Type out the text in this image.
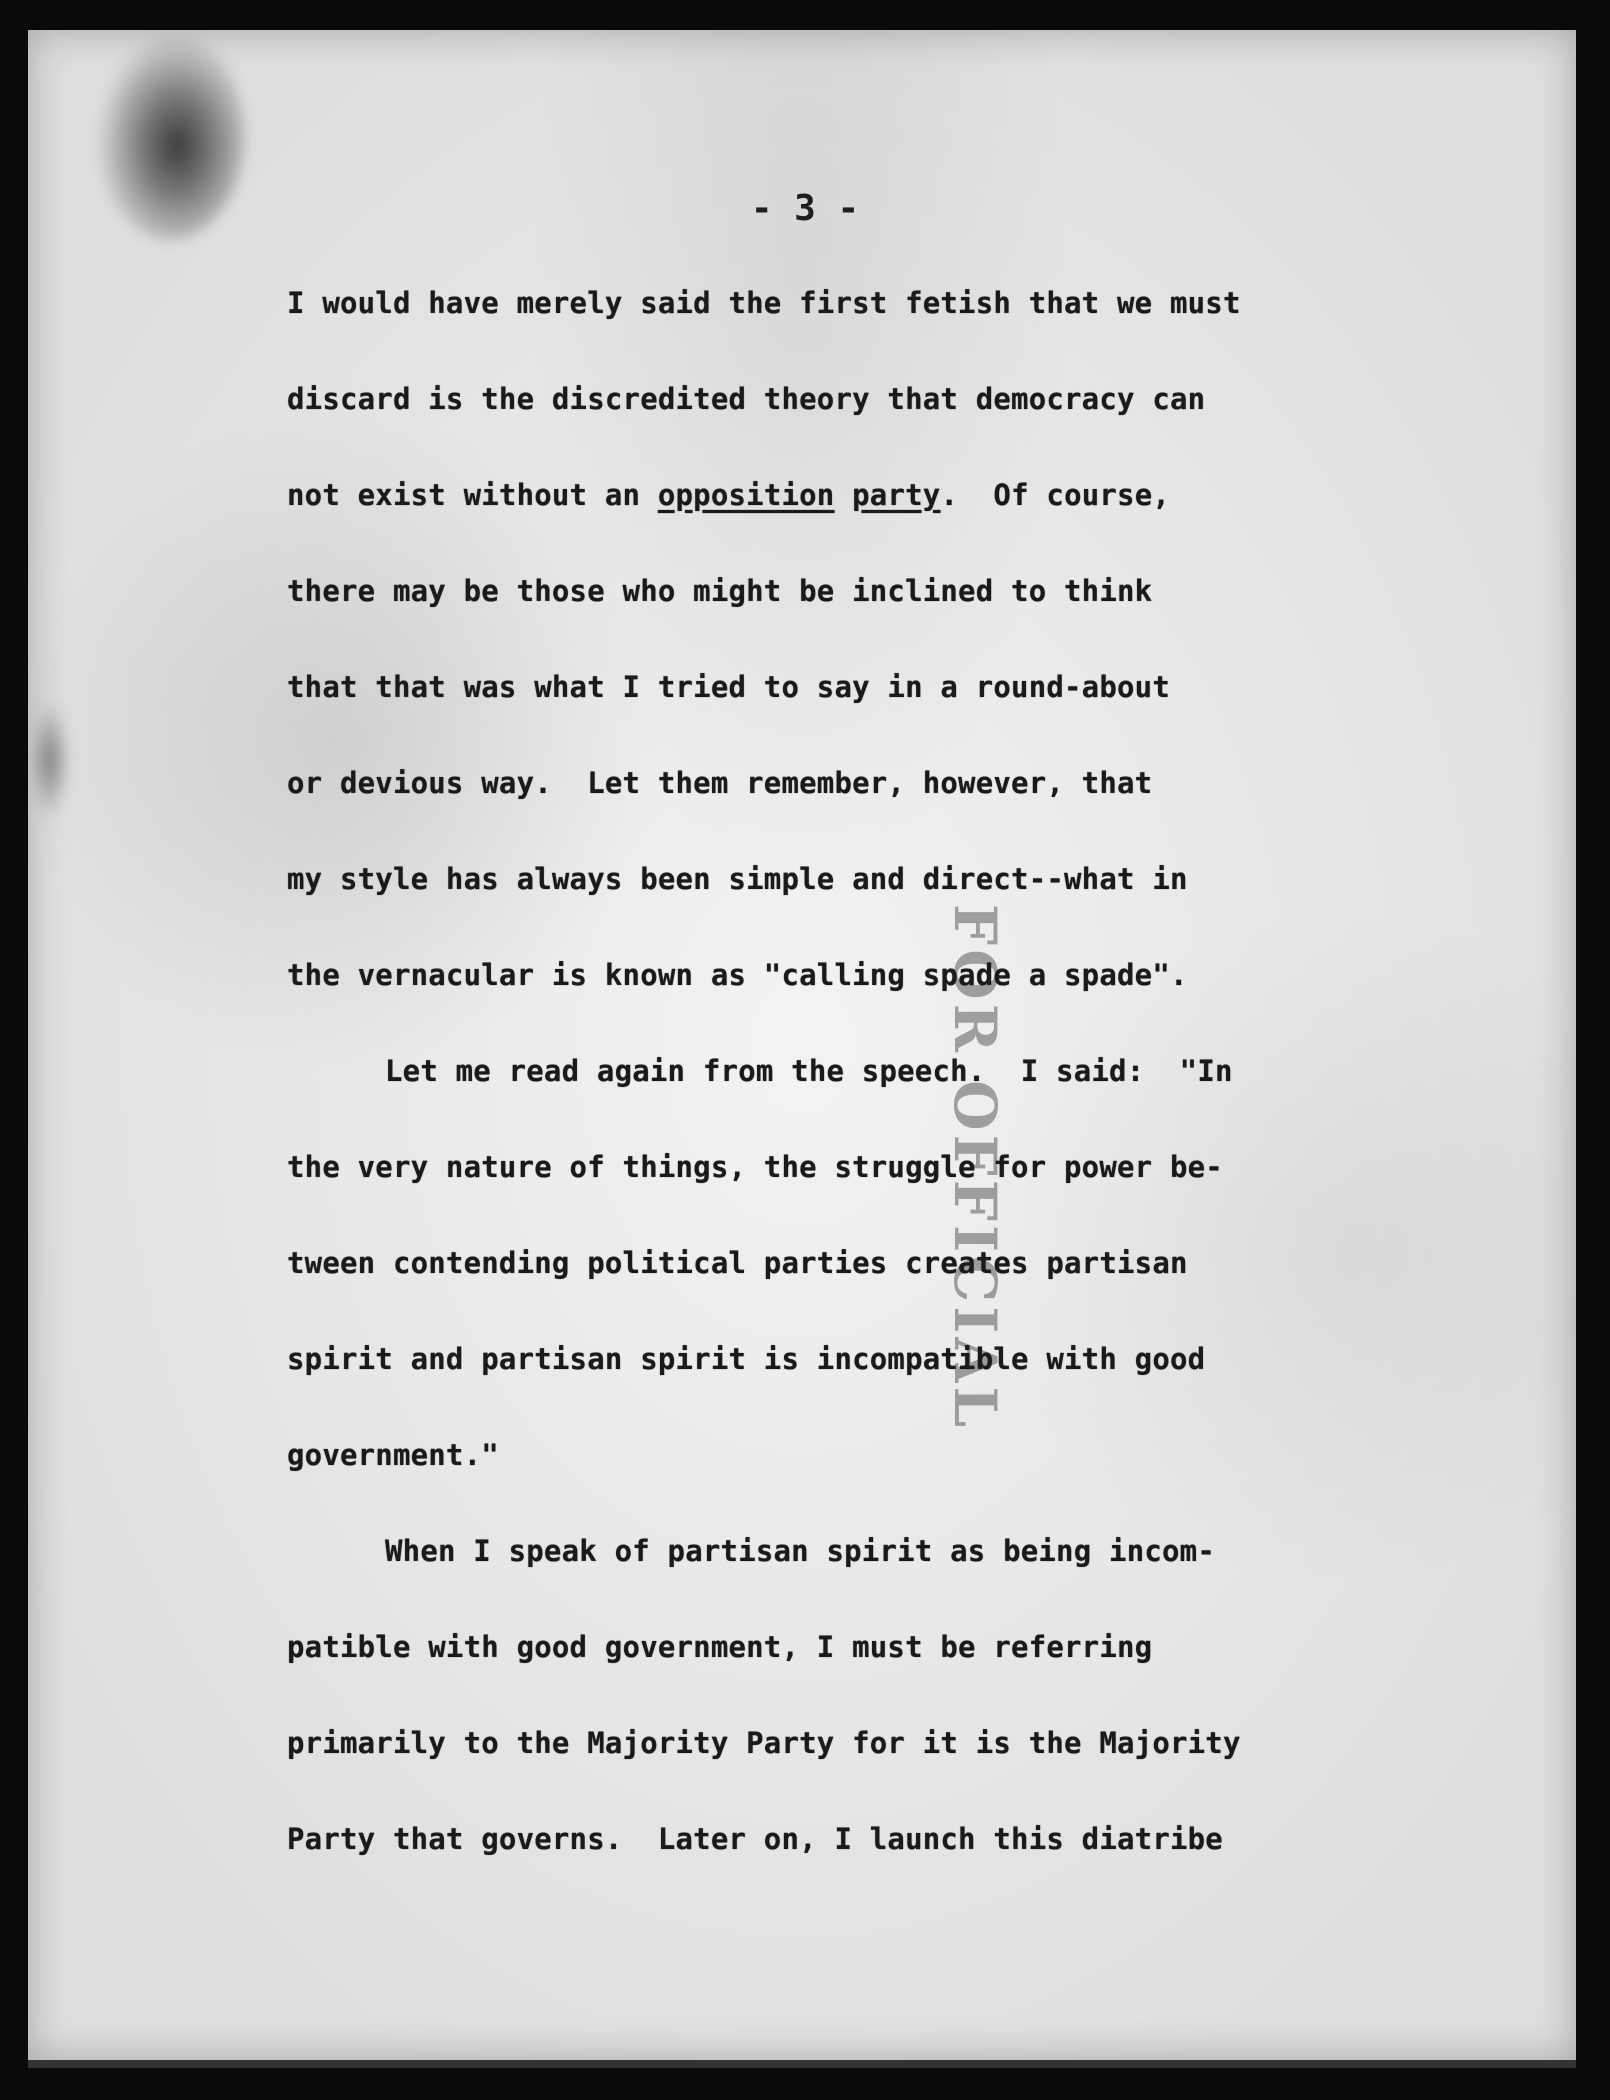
FOR OFFICIAL
- 3 -
I would have merely said the first fetish that we must
discard is the discredited theory that democracy can
not exist without an opposition party.  Of course,
there may be those who might be inclined to think
that that was what I tried to say in a round-about
or devious way.  Let them remember, however, that
my style has always been simple and direct--what in
the vernacular is known as "calling spade a spade".
Let me read again from the speech.  I said:  "In
the very nature of things, the struggle for power be-
tween contending political parties creates partisan
spirit and partisan spirit is incompatible with good
government."
When I speak of partisan spirit as being incom-
patible with good government, I must be referring
primarily to the Majority Party for it is the Majority
Party that governs.  Later on, I launch this diatribe
